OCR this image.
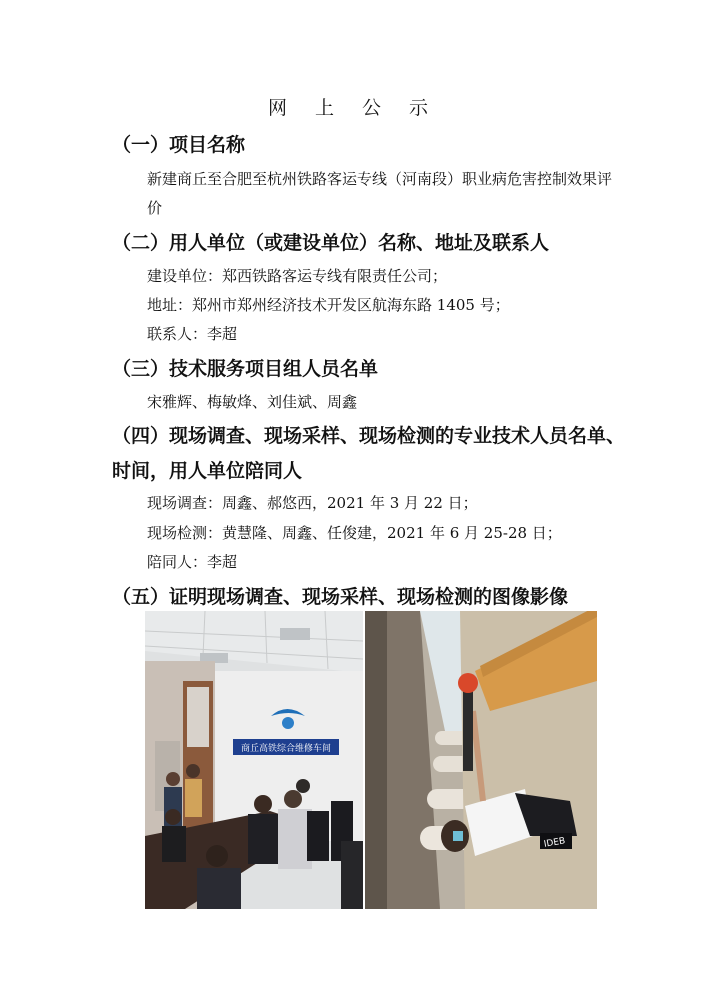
网 上 公 示
（一）项目名称
新建商丘至合肥至杭州铁路客运专线（河南段）职业病危害控制效果评价
（二）用人单位（或建设单位）名称、地址及联系人
建设单位：郑西铁路客运专线有限责任公司；
地址：郑州市郑州经济技术开发区航海东路 1405 号；
联系人：李超
（三）技术服务项目组人员名单
宋雅辉、梅敏烽、刘佳斌、周鑫
（四）现场调查、现场采样、现场检测的专业技术人员名单、
时间，用人单位陪同人
现场调查：周鑫、郝悠西，2021 年 3 月 22 日；
现场检测：黄慧隆、周鑫、任俊建，2021 年 6 月 25-28 日；
陪同人：李超
（五）证明现场调查、现场采样、现场检测的图像影像
商丘高铁综合维修车间
IDEB
